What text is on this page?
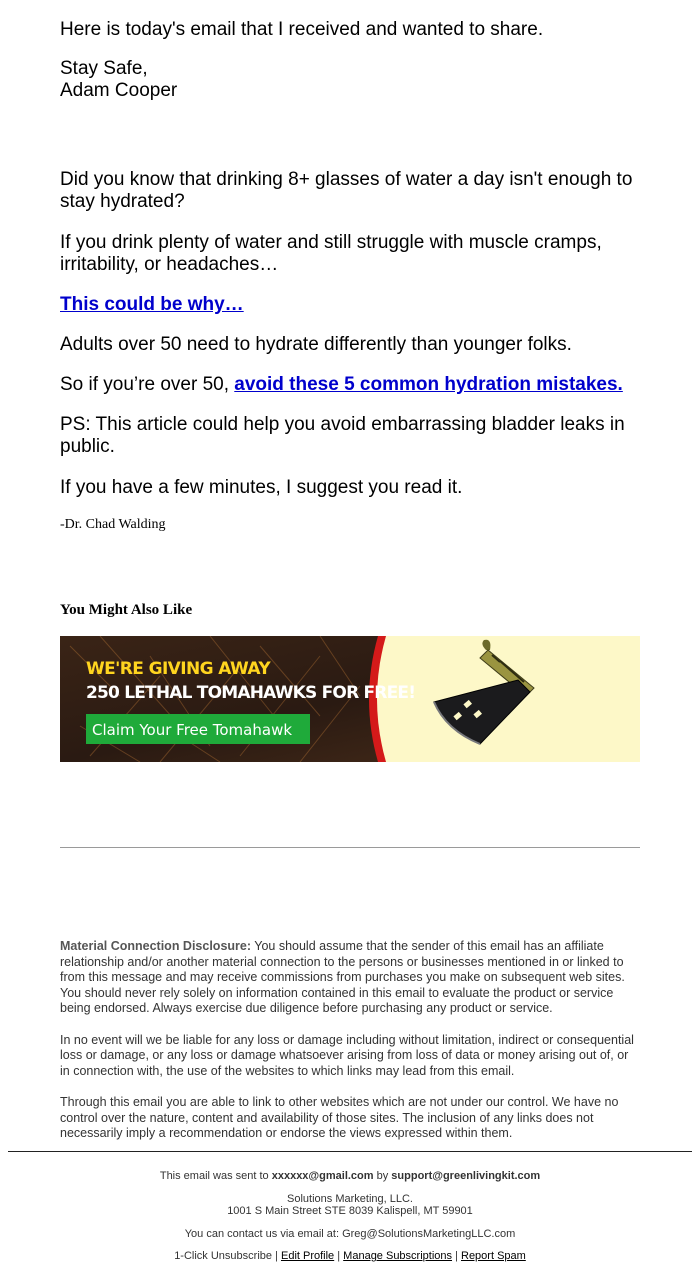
Here is today's email that I received and wanted to share.

Stay Safe,

Adam Cooper

Did you know that drinking 8+ glasses of water a day isn't enough to stay hydrated?

If you drink plenty of water and still struggle with muscle cramps, irritability, or headaches…

This could be why…

Adults over 50 need to hydrate differently than younger folks.

So if you’re over 50, avoid these 5 common hydration mistakes.

PS: This article could help you avoid embarrassing bladder leaks in public.

If you have a few minutes, I suggest you read it.

-Dr. Chad Walding

You Might Also Like
WE'RE GIVING AWAY
250 LETHAL TOMAHAWKS FOR FREE!
Claim Your Free Tomahawk

Material Connection Disclosure: You should assume that the sender of this email has an affiliate relationship and/or another material connection to the persons or businesses mentioned in or linked to from this message and may receive commissions from purchases you make on subsequent web sites. You should never rely solely on information contained in this email to evaluate the product or service being endorsed. Always exercise due diligence before purchasing any product or service.

In no event will we be liable for any loss or damage including without limitation, indirect or consequential loss or damage, or any loss or damage whatsoever arising from loss of data or money arising out of, or in connection with, the use of the websites to which links may lead from this email.

Through this email you are able to link to other websites which are not under our control. We have no control over the nature, content and availability of those sites. The inclusion of any links does not necessarily imply a recommendation or endorse the views expressed within them.

This email was sent to xxxxxx@gmail.com by support@greenlivingkit.com
Solutions Marketing, LLC.
1001 S Main Street STE 8039 Kalispell, MT 59901
You can contact us via email at: Greg@SolutionsMarketingLLC.com
1-Click Unsubscribe | Edit Profile | Manage Subscriptions | Report Spam
